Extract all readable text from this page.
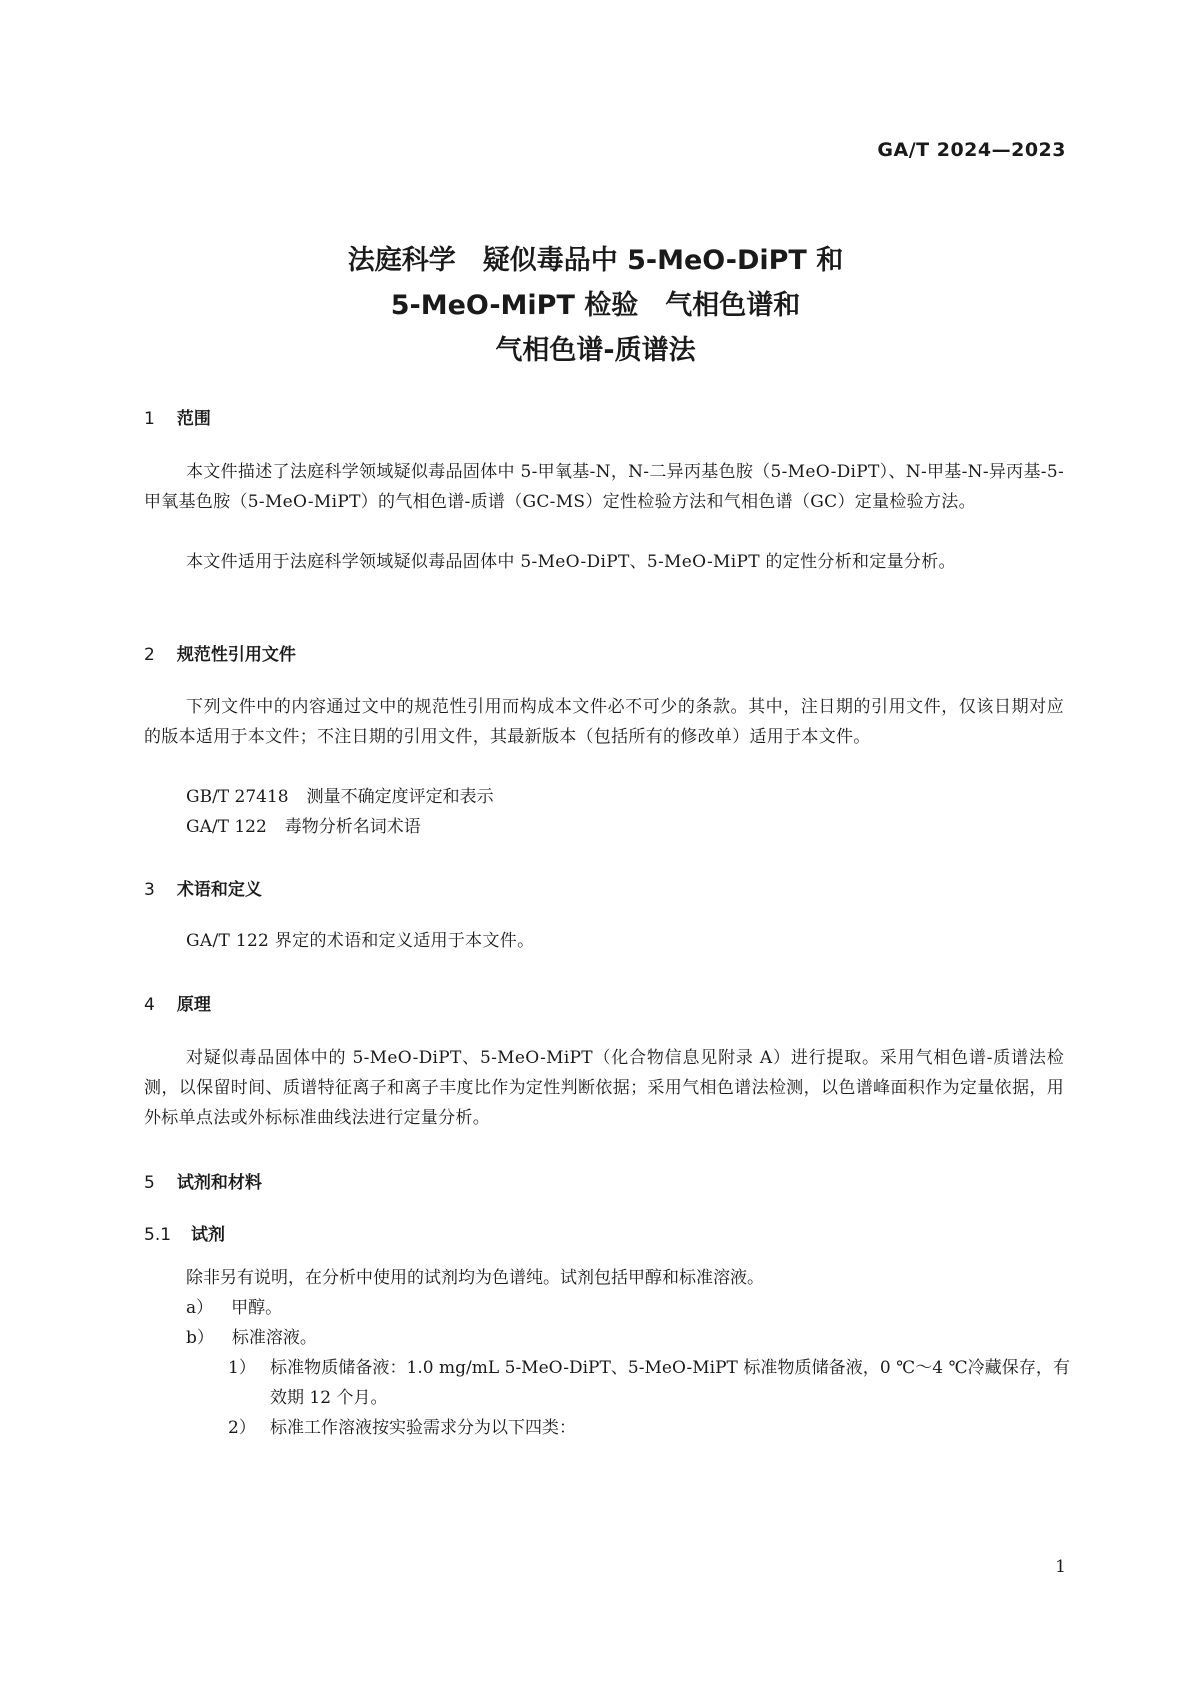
GA/T 2024—2023
法庭科学　疑似毒品中 5-MeO-DiPT 和
5-MeO-MiPT 检验　气相色谱和
气相色谱-质谱法
1 范围
本文件描述了法庭科学领域疑似毒品固体中 5-甲氧基-N，N-二异丙基色胺（5-MeO-DiPT）、N-甲基-N-异丙基-5-甲氧基色胺（5-MeO-MiPT）的气相色谱-质谱（GC-MS）定性检验方法和气相色谱（GC）定量检验方法。
本文件适用于法庭科学领域疑似毒品固体中 5-MeO-DiPT、5-MeO-MiPT 的定性分析和定量分析。
2 规范性引用文件
下列文件中的内容通过文中的规范性引用而构成本文件必不可少的条款。其中，注日期的引用文件，仅该日期对应的版本适用于本文件；不注日期的引用文件，其最新版本（包括所有的修改单）适用于本文件。
GB/T 27418 测量不确定度评定和表示
GA/T 122 毒物分析名词术语
3 术语和定义
GA/T 122 界定的术语和定义适用于本文件。
4 原理
对疑似毒品固体中的 5-MeO-DiPT、5-MeO-MiPT（化合物信息见附录 A）进行提取。采用气相色谱-质谱法检测，以保留时间、质谱特征离子和离子丰度比作为定性判断依据；采用气相色谱法检测，以色谱峰面积作为定量依据，用外标单点法或外标标准曲线法进行定量分析。
5 试剂和材料
5.1 试剂
除非另有说明，在分析中使用的试剂均为色谱纯。试剂包括甲醇和标准溶液。
a） 甲醇。
b） 标准溶液。
1） 标准物质储备液：1.0 mg/mL 5-MeO-DiPT、5-MeO-MiPT 标准物质储备液，0 ℃～4 ℃冷藏保存，有效期 12 个月。
2） 标准工作溶液按实验需求分为以下四类：
1
